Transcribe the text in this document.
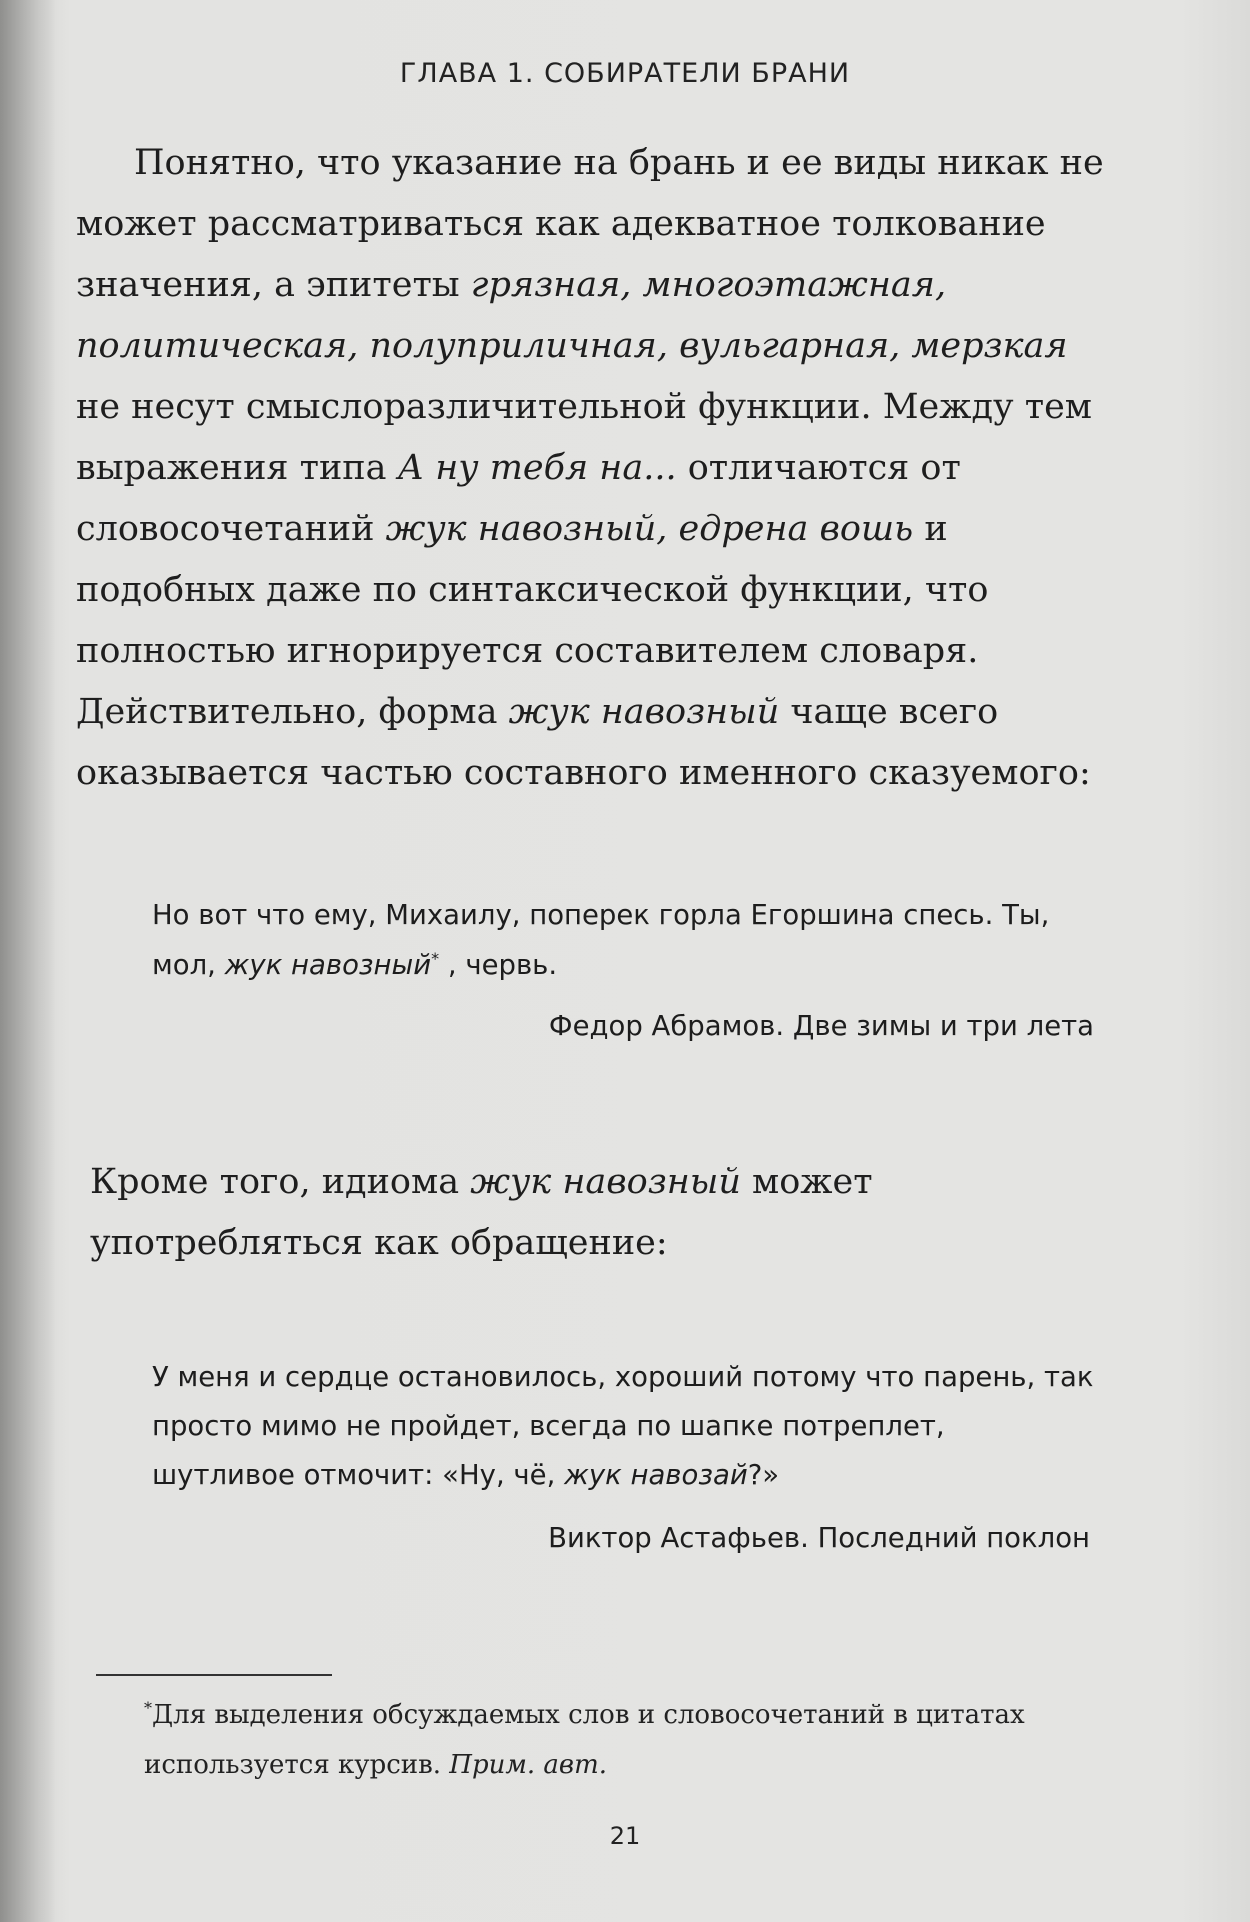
ГЛАВА 1. СОБИРАТЕЛИ БРАНИ
Понятно, что указание на брань и ее виды никак не может рассматриваться как адекватное толкование значения, а эпитеты грязная, многоэтажная, политическая, полуприличная, вульгарная, мерзкая не несут смыслоразличительной функции. Между тем выражения типа А ну тебя на... отличаются от словосочетаний жук навозный, едрена вошь и подобных даже по синтаксической функции, что полностью игнорируется составителем словаря. Действительно, форма жук навозный чаще всего оказывается частью составного именного сказуемого:
Но вот что ему, Михаилу, поперек горла Егоршина спесь. Ты, мол, жук навозный* , червь.
Федор Абрамов. Две зимы и три лета
Кроме того, идиома жук навозный может употребляться как обращение:
У меня и сердце остановилось, хороший потому что парень, так просто мимо не пройдет, всегда по шапке потреплет, шутливое отмочит: «Ну, чё, жук навозай?»
Виктор Астафьев. Последний поклон
*Для выделения обсуждаемых слов и словосочетаний в цитатах используется курсив. Прим. авт.
21
